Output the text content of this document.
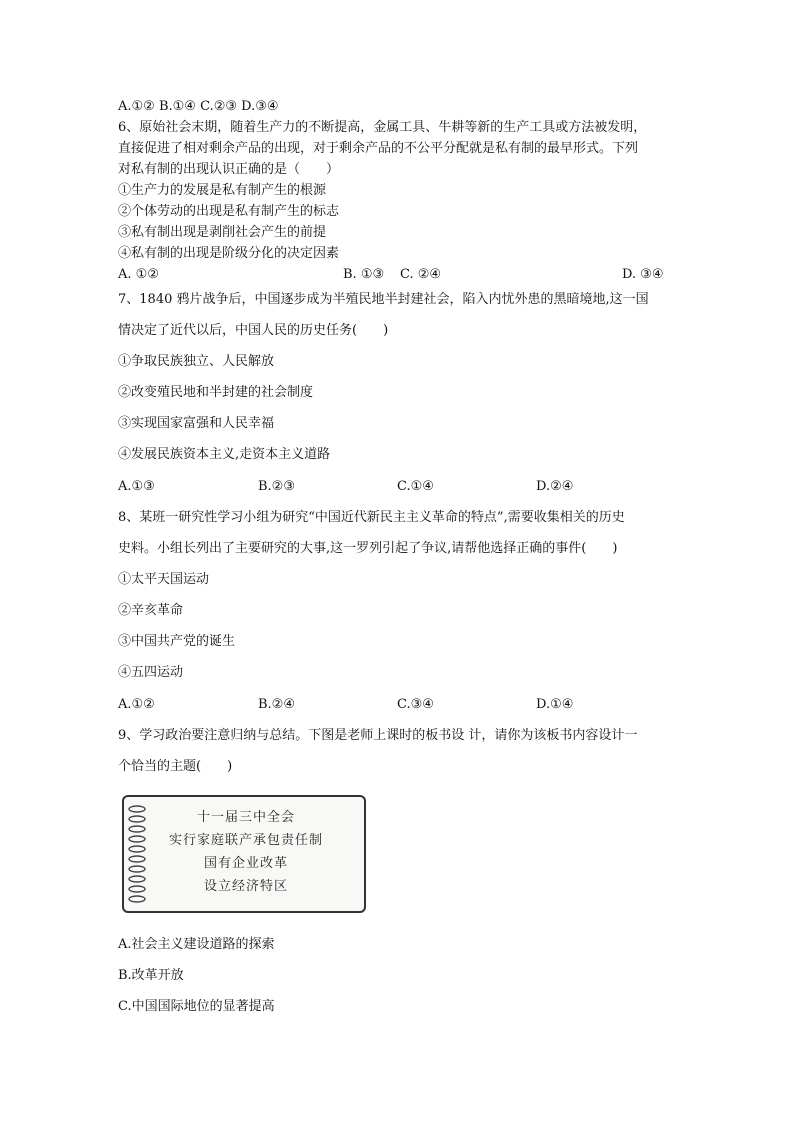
A.①② B.①④ C.②③ D.③④
6、原始社会末期，随着生产力的不断提高，金属工具、牛耕等新的生产工具或方法被发明，
直接促进了相对剩余产品的出现，对于剩余产品的不公平分配就是私有制的最早形式。下列
对私有制的出现认识正确的是（　　）
①生产力的发展是私有制产生的根源
②个体劳动的出现是私有制产生的标志
③私有制出现是剥削社会产生的前提
④私有制的出现是阶级分化的决定因素
A. ①②	B. ①③ C. ②④	D. ③④
7、1840 鸦片战争后，中国逐步成为半殖民地半封建社会，陷入内忧外患的黑暗境地,这一国
情决定了近代以后，中国人民的历史任务(　　)
①争取民族独立、人民解放
②改变殖民地和半封建的社会制度
③实现国家富强和人民幸福
④发展民族资本主义,走资本主义道路
A.①③	B.②③	C.①④	D.②④
8、某班一研究性学习小组为研究“中国近代新民主主义革命的特点”,需要收集相关的历史
史料。小组长列出了主要研究的大事,这一罗列引起了争议,请帮他选择正确的事件(　　)
①太平天国运动
②辛亥革命
③中国共产党的诞生
④五四运动
A.①②	B.②④	C.③④	D.①④
9、学习政治要注意归纳与总结。下图是老师上课时的板书设 计，请你为该板书内容设计一
个恰当的主题(　　)
十一届三中全会
实行家庭联产承包责任制
国有企业改革
设立经济特区
A.社会主义建设道路的探索
B.改革开放
C.中国国际地位的显著提高
